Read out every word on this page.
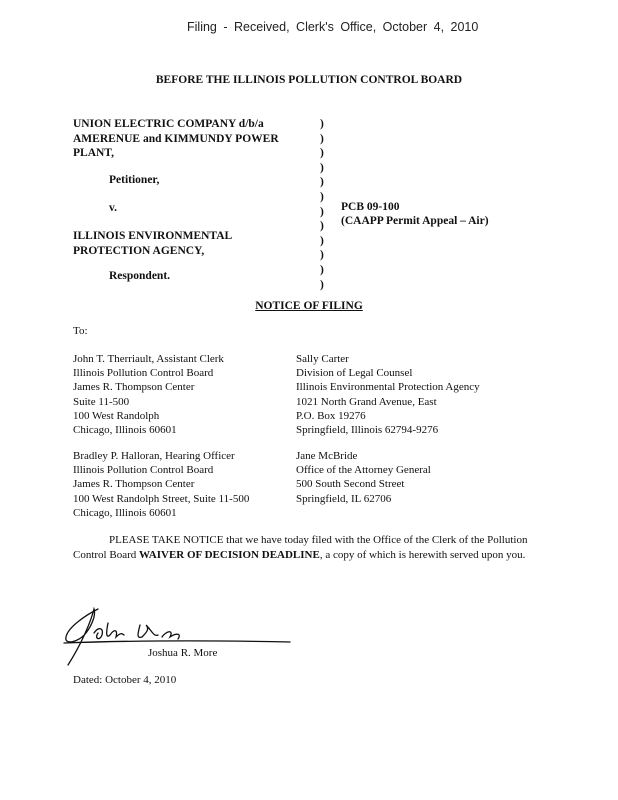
Filing - Received, Clerk's Office, October 4, 2010
BEFORE THE ILLINOIS POLLUTION CONTROL BOARD
UNION ELECTRIC COMPANY d/b/a
AMERENUE and KIMMUNDY POWER
PLANT,
Petitioner,
v.
ILLINOIS ENVIRONMENTAL
PROTECTION AGENCY,
Respondent.
)
)
)
)
)
)
)
)
)
)
)
)
PCB 09-100
(CAAPP Permit Appeal – Air)
NOTICE OF FILING
To:
John T. Therriault, Assistant Clerk
Illinois Pollution Control Board
James R. Thompson Center
Suite 11-500
100 West Randolph
Chicago, Illinois 60601
Sally Carter
Division of Legal Counsel
Illinois Environmental Protection Agency
1021 North Grand Avenue, East
P.O. Box 19276
Springfield, Illinois 62794-9276
Bradley P. Halloran, Hearing Officer
Illinois Pollution Control Board
James R. Thompson Center
100 West Randolph Street, Suite 11-500
Chicago, Illinois 60601
Jane McBride
Office of the Attorney General
500 South Second Street
Springfield, IL 62706
PLEASE TAKE NOTICE that we have today filed with the Office of the Clerk of the Pollution Control Board WAIVER OF DECISION DEADLINE, a copy of which is herewith served upon you.
Joshua R. More
Dated: October 4, 2010
